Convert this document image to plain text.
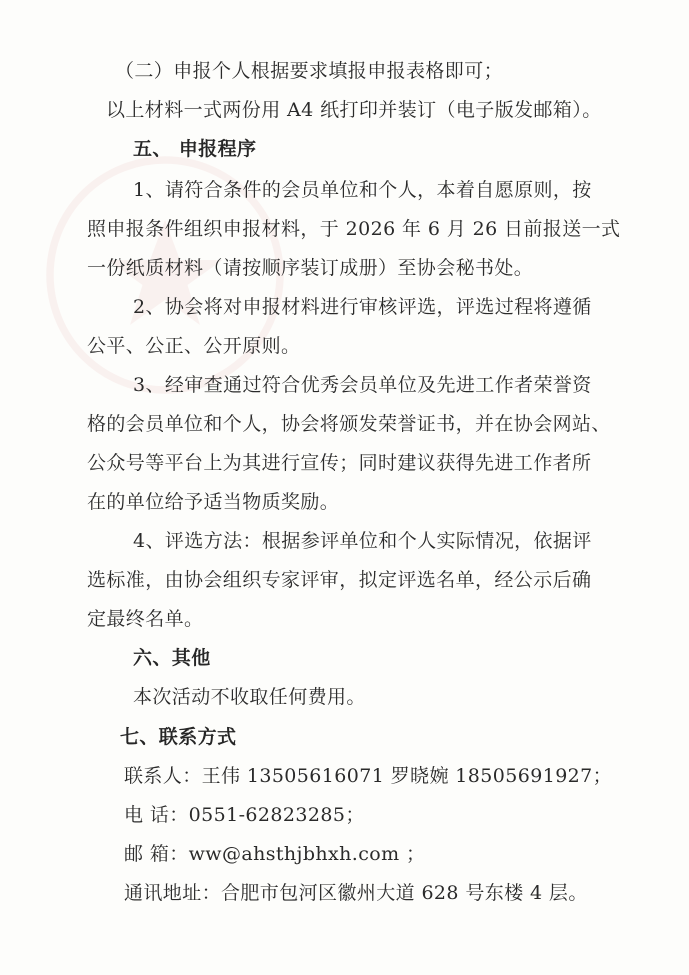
（二）申报个人根据要求填报申报表格即可；
以上材料一式两份用 A4 纸打印并装订（电子版发邮箱）。
五、 申报程序
1、请符合条件的会员单位和个人，本着自愿原则，按
照申报条件组织申报材料，于 2026 年 6 月 26 日前报送一式
一份纸质材料（请按顺序装订成册）至协会秘书处。
2、协会将对申报材料进行审核评选，评选过程将遵循
公平、公正、公开原则。
3、经审查通过符合优秀会员单位及先进工作者荣誉资
格的会员单位和个人，协会将颁发荣誉证书，并在协会网站、
公众号等平台上为其进行宣传；同时建议获得先进工作者所
在的单位给予适当物质奖励。
4、评选方法：根据参评单位和个人实际情况，依据评
选标准，由协会组织专家评审，拟定评选名单，经公示后确
定最终名单。
六、其他
本次活动不收取任何费用。
七、联系方式
联系人：王伟 13505616071 罗晓婉 18505691927；
电 话：0551-62823285；
邮 箱：ww@ahsthjbhxh.com ；
通讯地址：合肥市包河区徽州大道 628 号东楼 4 层。
